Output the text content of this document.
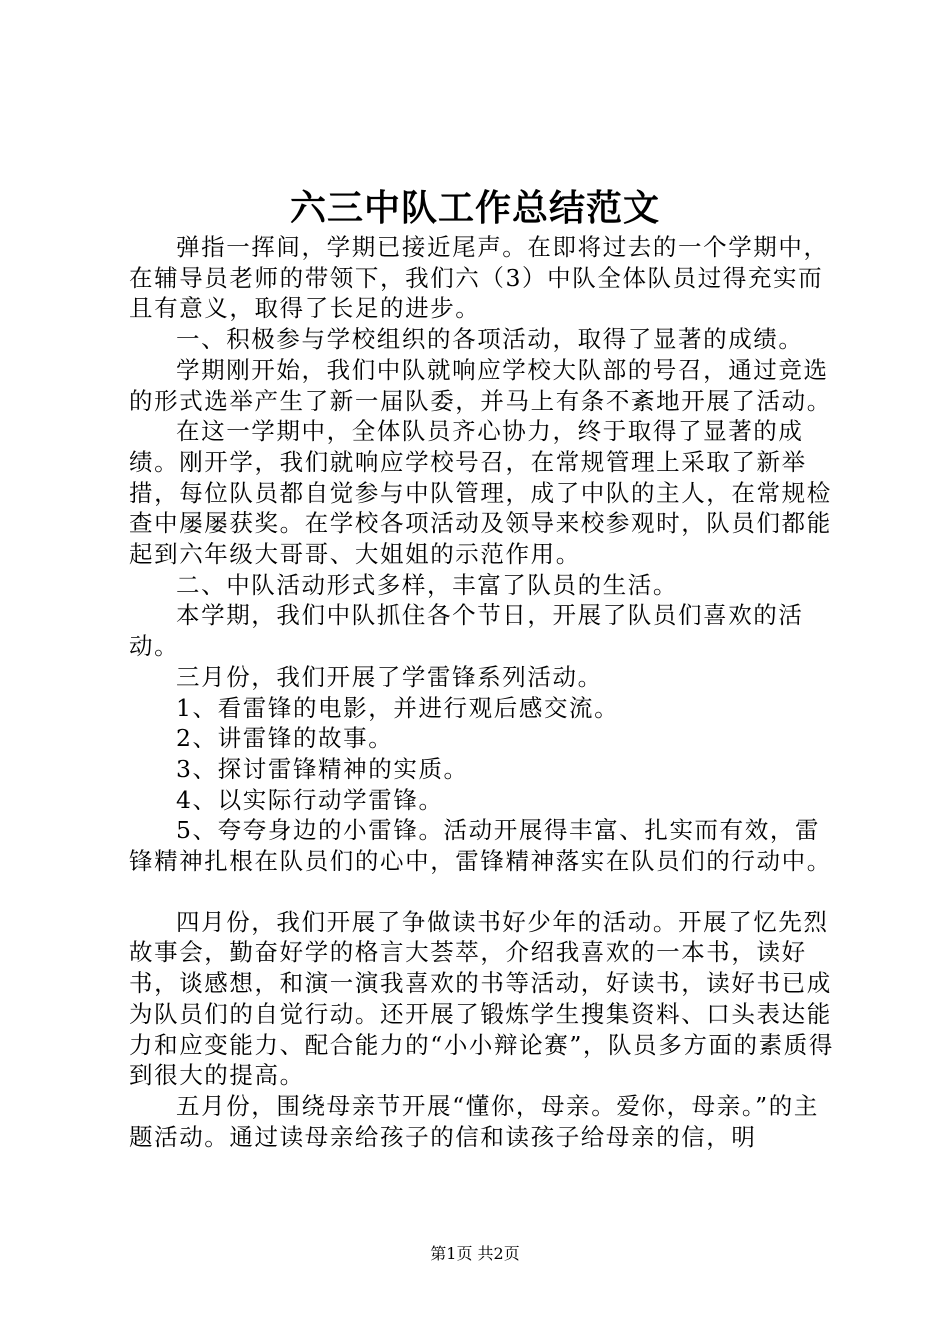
六三中队工作总结范文

弹指一挥间，学期已接近尾声。在即将过去的一个学期中，在辅导员老师的带领下，我们六（3）中队全体队员过得充实而且有意义，取得了长足的进步。

一、积极参与学校组织的各项活动，取得了显著的成绩。

学期刚开始，我们中队就响应学校大队部的号召，通过竞选的形式选举产生了新一届队委，并马上有条不紊地开展了活动。

在这一学期中，全体队员齐心协力，终于取得了显著的成绩。刚开学，我们就响应学校号召，在常规管理上采取了新举措，每位队员都自觉参与中队管理，成了中队的主人，在常规检查中屡屡获奖。在学校各项活动及领导来校参观时，队员们都能起到六年级大哥哥、大姐姐的示范作用。

二、中队活动形式多样，丰富了队员的生活。

本学期，我们中队抓住各个节日，开展了队员们喜欢的活动。

三月份，我们开展了学雷锋系列活动。

1、看雷锋的电影，并进行观后感交流。

2、讲雷锋的故事。

3、探讨雷锋精神的实质。

4、以实际行动学雷锋。

5、夸夸身边的小雷锋。活动开展得丰富、扎实而有效，雷锋精神扎根在队员们的心中，雷锋精神落实在队员们的行动中。

四月份，我们开展了争做读书好少年的活动。开展了忆先烈故事会，勤奋好学的格言大荟萃，介绍我喜欢的一本书，读好书，谈感想，和演一演我喜欢的书等活动，好读书，读好书已成为队员们的自觉行动。还开展了锻炼学生搜集资料、口头表达能力和应变能力、配合能力的“小小辩论赛”，队员多方面的素质得到很大的提高。

五月份，围绕母亲节开展“懂你，母亲。爱你，母亲。”的主题活动。通过读母亲给孩子的信和读孩子给母亲的信，明

第1页 共2页
